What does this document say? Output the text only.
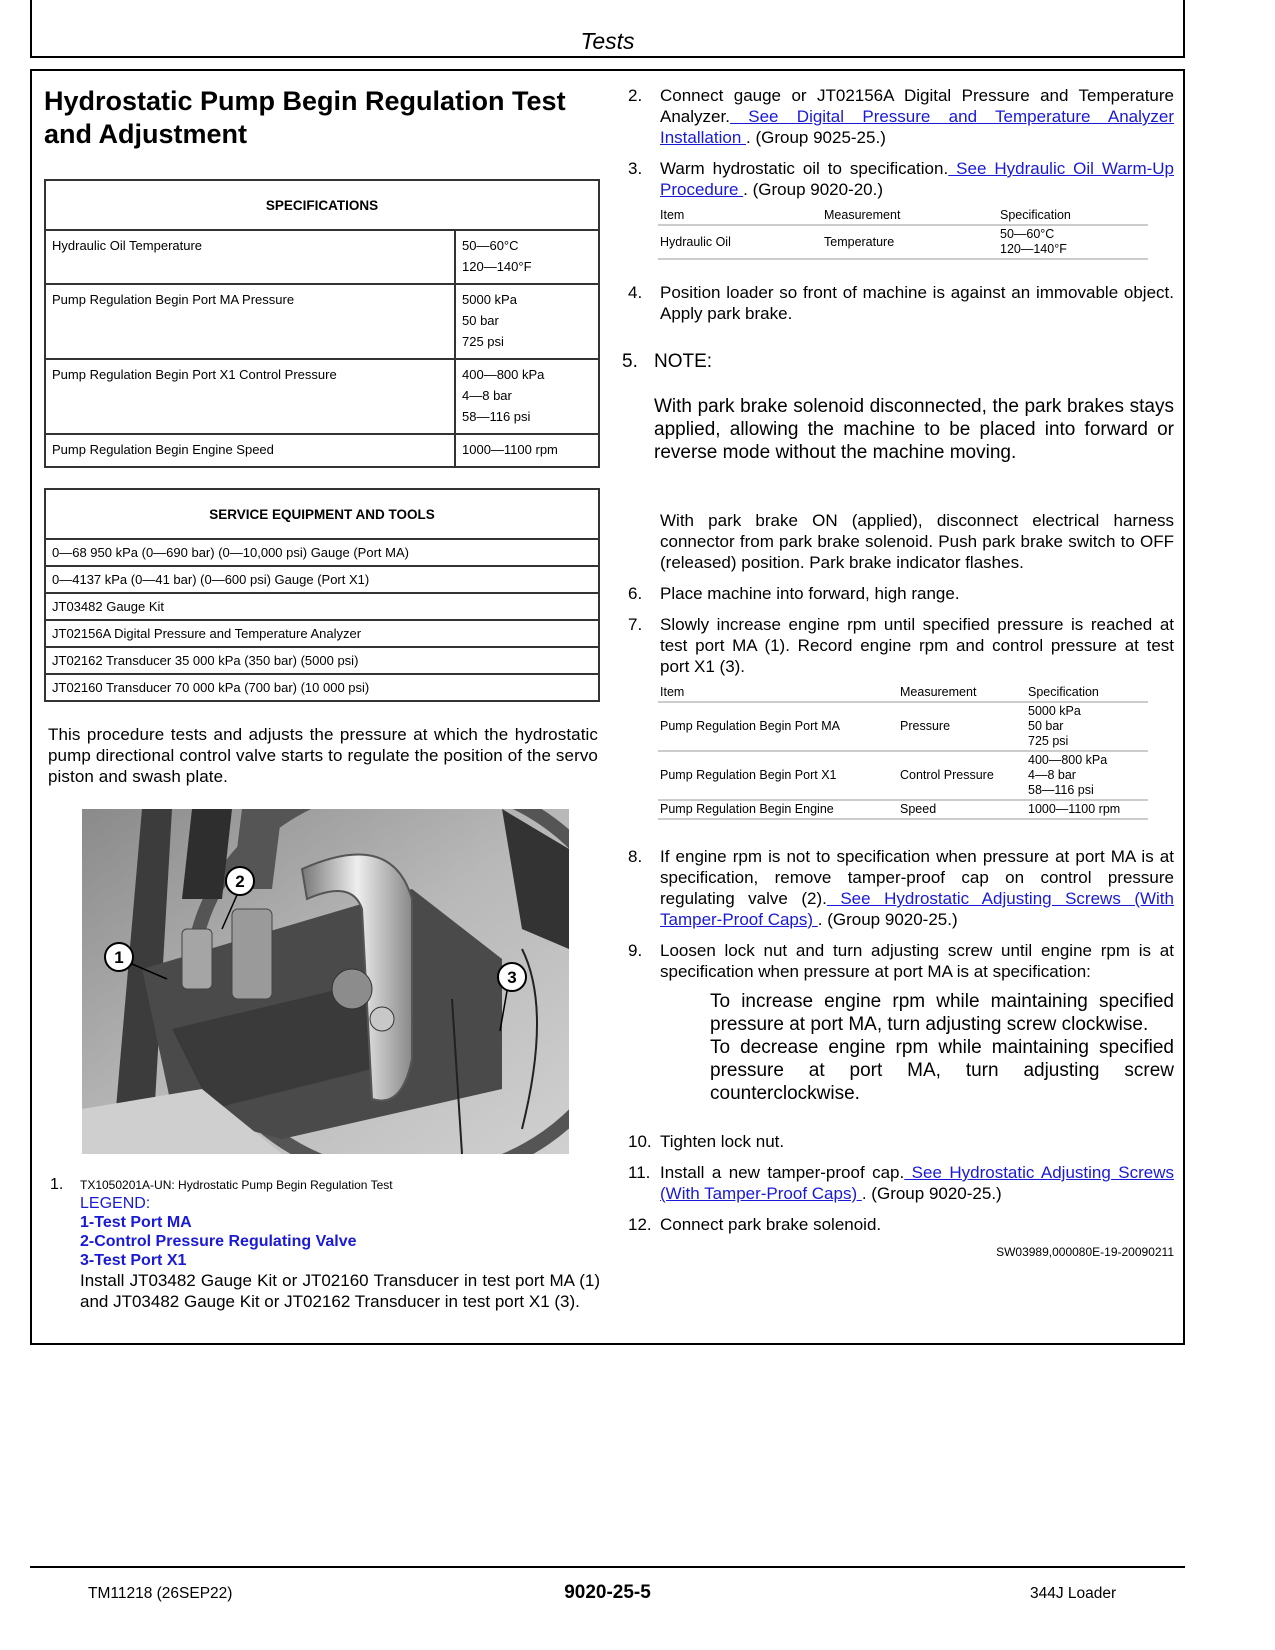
Tests
Hydrostatic Pump Begin Regulation Test and Adjustment
SPECIFICATIONS	
Hydraulic Oil Temperature	50—60°C
120—140°F

Pump Regulation Begin Port MA Pressure	5000 kPa
50 bar
725 psi

Pump Regulation Begin Port X1 Control Pressure	400—800 kPa
4—8 bar
58—116 psi

Pump Regulation Begin Engine Speed	1000—1100 rpm
SERVICE EQUIPMENT AND TOOLS
0—68 950 kPa (0—690 bar) (0—10,000 psi) Gauge (Port MA)
0—4137 kPa (0—41 bar) (0—600 psi) Gauge (Port X1)
JT03482 Gauge Kit
JT02156A Digital Pressure and Temperature Analyzer
JT02162 Transducer 35 000 kPa (350 bar) (5000 psi)
JT02160 Transducer 70 000 kPa (700 bar) (10 000 psi)

This procedure tests and adjusts the pressure at which the hydrostatic pump directional control valve starts to regulate the position of the servo piston and swash plate.

1
2
3
1. TX1050201A-UN: Hydrostatic Pump Begin Regulation Test
LEGEND:
1-Test Port MA
2-Control Pressure Regulating Valve
3-Test Port X1
Install JT03482 Gauge Kit or JT02160 Transducer in test port MA (1) and JT03482 Gauge Kit or JT02162 Transducer in test port X1 (3).
2. Connect gauge or JT02156A Digital Pressure and Temperature Analyzer. See Digital Pressure and Temperature Analyzer Installation . (Group 9025-25.)
3. Warm hydrostatic oil to specification. See Hydraulic Oil Warm-Up Procedure . (Group 9020-20.)
Item	Measurement	Specification
Hydraulic Oil	Temperature	50—60°C
120—140°F
4. Position loader so front of machine is against an immovable object. Apply park brake.
5. NOTE:
With park brake solenoid disconnected, the park brakes stays applied, allowing the machine to be placed into forward or reverse mode without the machine moving.
With park brake ON (applied), disconnect electrical harness connector from park brake solenoid. Push park brake switch to OFF (released) position. Park brake indicator flashes.
6. Place machine into forward, high range.
7. Slowly increase engine rpm until specified pressure is reached at test port MA (1). Record engine rpm and control pressure at test port X1 (3).
Item	Measurement	Specification
Pump Regulation Begin Port MA	Pressure	5000 kPa
50 bar
725 psi

Pump Regulation Begin Port X1	Control Pressure	400—800 kPa
4—8 bar
58—116 psi

Pump Regulation Begin Engine	Speed	1000—1100 rpm
8. If engine rpm is not to specification when pressure at port MA is at specification, remove tamper-proof cap on control pressure regulating valve (2). See Hydrostatic Adjusting Screws (With Tamper-Proof Caps) . (Group 9020-25.)
9. Loosen lock nut and turn adjusting screw until engine rpm is at specification when pressure at port MA is at specification:
To increase engine rpm while maintaining specified pressure at port MA, turn adjusting screw clockwise.
To decrease engine rpm while maintaining specified pressure at port MA, turn adjusting screw counterclockwise.
10. Tighten lock nut.
11. Install a new tamper-proof cap. See Hydrostatic Adjusting Screws (With Tamper-Proof Caps) . (Group 9020-25.)
12. Connect park brake solenoid.
SW03989,000080E-19-20090211
TM11218 (26SEP22)	9020-25-5	344J Loader
